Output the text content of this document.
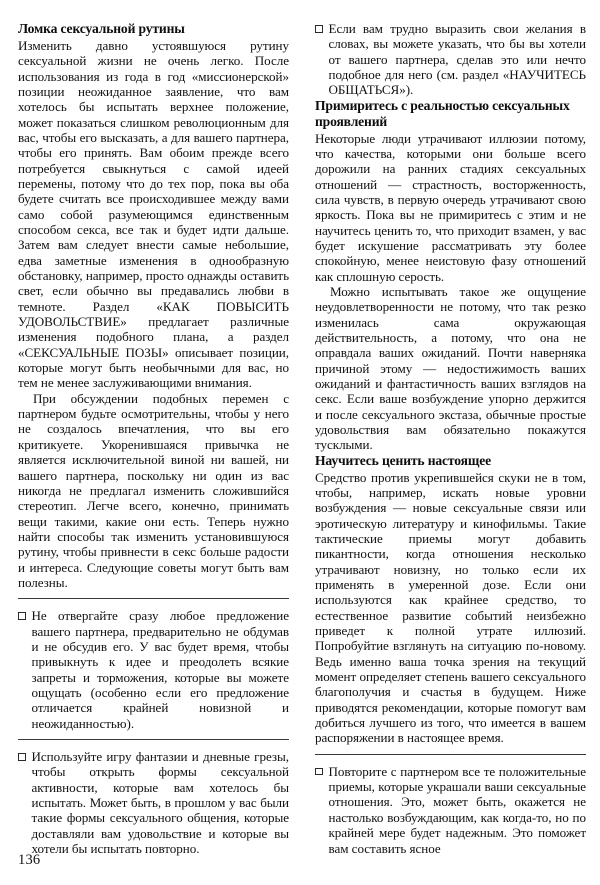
Ломка сексуальной рутины

Изменить давно устоявшуюся рутину сексуальной жизни не очень легко. После использования из года в год «миссионерской» позиции неожиданное заявление, что вам хотелось бы испытать верхнее положение, может показаться слишком революционным для вас, чтобы его высказать, а для вашего партнера, чтобы его принять. Вам обоим прежде всего потребуется свыкнуться с самой идеей перемены, потому что до тех пор, пока вы оба будете считать все происходившее между вами само собой разумеющимся единственным способом секса, все так и будет идти дальше. Затем вам следует внести самые небольшие, едва заметные изменения в однообразную обстановку, например, просто однажды оставить свет, если обычно вы предавались любви в темноте. Раздел «КАК ПОВЫСИТЬ УДОВОЛЬСТВИЕ» предлагает различные изменения подобного плана, а раздел «СЕКСУАЛЬНЫЕ ПОЗЫ» описывает позиции, которые могут быть необычными для вас, но тем не менее заслуживающими внимания.

При обсуждении подобных перемен с партнером будьте осмотрительны, чтобы у него не создалось впечатления, что вы его критикуете. Укоренившаяся привычка не является исключительной виной ни вашей, ни вашего партнера, поскольку ни один из вас никогда не предлагал изменить сложившийся стереотип. Легче всего, конечно, принимать вещи такими, какие они есть. Теперь нужно найти способы так изменить установившуюся рутину, чтобы привнести в секс больше радости и интереса. Следующие советы могут быть вам полезны.

Не отвергайте сразу любое предложение вашего партнера, предварительно не обдумав и не обсудив его. У вас будет время, чтобы привыкнуть к идее и преодолеть всякие запреты и торможения, которые вы можете ощущать (особенно если его предложение отличается крайней новизной и неожиданностью).
Используйте игру фантазии и дневные грезы, чтобы открыть формы сексуальной активности, которые вам хотелось бы испытать. Может быть, в прошлом у вас были такие формы сексуального общения, которые доставляли вам удовольствие и которые вы хотели бы испытать повторно.
Если вам трудно выразить свои желания в словах, вы можете указать, что бы вы хотели от вашего партнера, сделав это или нечто подобное для него (см. раздел «НАУЧИТЕСЬ ОБЩАТЬСЯ»).
Примиритесь с реальностью сексуальных проявлений

Некоторые люди утрачивают иллюзии потому, что качества, которыми они больше всего дорожили на ранних стадиях сексуальных отношений — страстность, восторженность, сила чувств, в первую очередь утрачивают свою яркость. Пока вы не примиритесь с этим и не научитесь ценить то, что приходит взамен, у вас будет искушение рассматривать эту более спокойную, менее неистовую фазу отношений как сплошную серость.

Можно испытывать такое же ощущение неудовлетворенности не потому, что так резко изменилась сама окружающая действительность, а потому, что она не оправдала ваших ожиданий. Почти наверняка причиной этому — недостижимость ваших ожиданий и фантастичность ваших взглядов на секс. Если ваше возбуждение упорно держится и после сексуального экстаза, обычные простые удовольствия вам обязательно покажутся тусклыми.

Научитесь ценить настоящее

Средство против укрепившейся скуки не в том, чтобы, например, искать новые уровни возбуждения — новые сексуальные связи или эротическую литературу и кинофильмы. Такие тактические приемы могут добавить пикантности, когда отношения несколько утрачивают новизну, но только если их применять в умеренной дозе. Если они используются как крайнее средство, то естественное развитие событий неизбежно приведет к полной утрате иллюзий. Попробуйтие взглянуть на ситуацию по-новому. Ведь именно ваша точка зрения на текущий момент определяет степень вашего сексуального благополучия и счастья в будущем. Ниже приводятся рекомендации, которые помогут вам добиться лучшего из того, что имеется в вашем распоряжении в настоящее время.

Повторите с партнером все те положительные приемы, которые украшали ваши сексуальные отношения. Это, может быть, окажется не настолько возбуждающим, как когда-то, но по крайней мере будет надежным. Это поможет вам составить ясное
136
